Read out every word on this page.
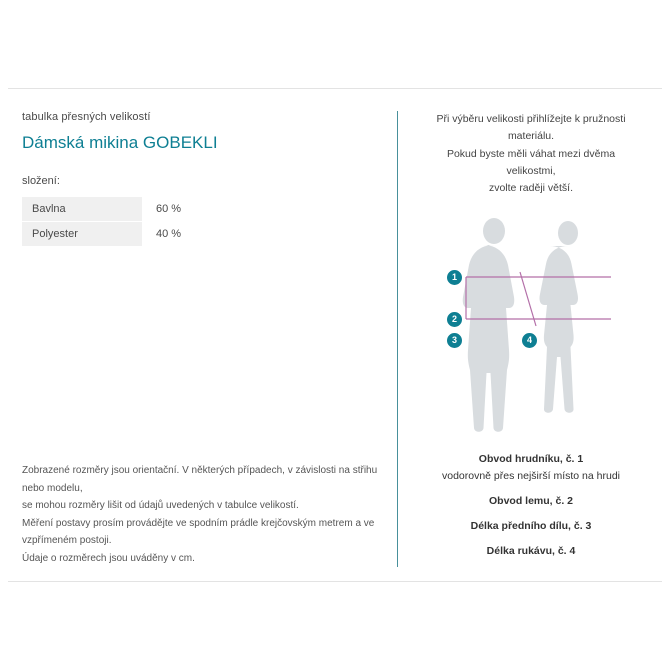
tabulka přesných velikostí

Dámská mikina GOBEKLI

složení:

Bavlna	60 %
Polyester	40 %
Zobrazené rozměry jsou orientační. V některých případech, v závislosti na střihu nebo modelu,
se mohou rozměry lišit od údajů uvedených v tabulce velikostí.
Měření postavy prosím provádějte ve spodním prádle krejčovským metrem a ve vzpřímeném postoji.
Údaje o rozměrech jsou uváděny v cm.
Při výběru velikosti přihlížejte k pružnosti materiálu.
Pokud byste měli váhat mezi dvěma velikostmi,
zvolte raději větší.
1
2
3	4
Obvod hrudníku, č. 1
vodorovně přes nejširší místo na hrudi
Obvod lemu, č. 2
Délka předního dílu, č. 3
Délka rukávu, č. 4
